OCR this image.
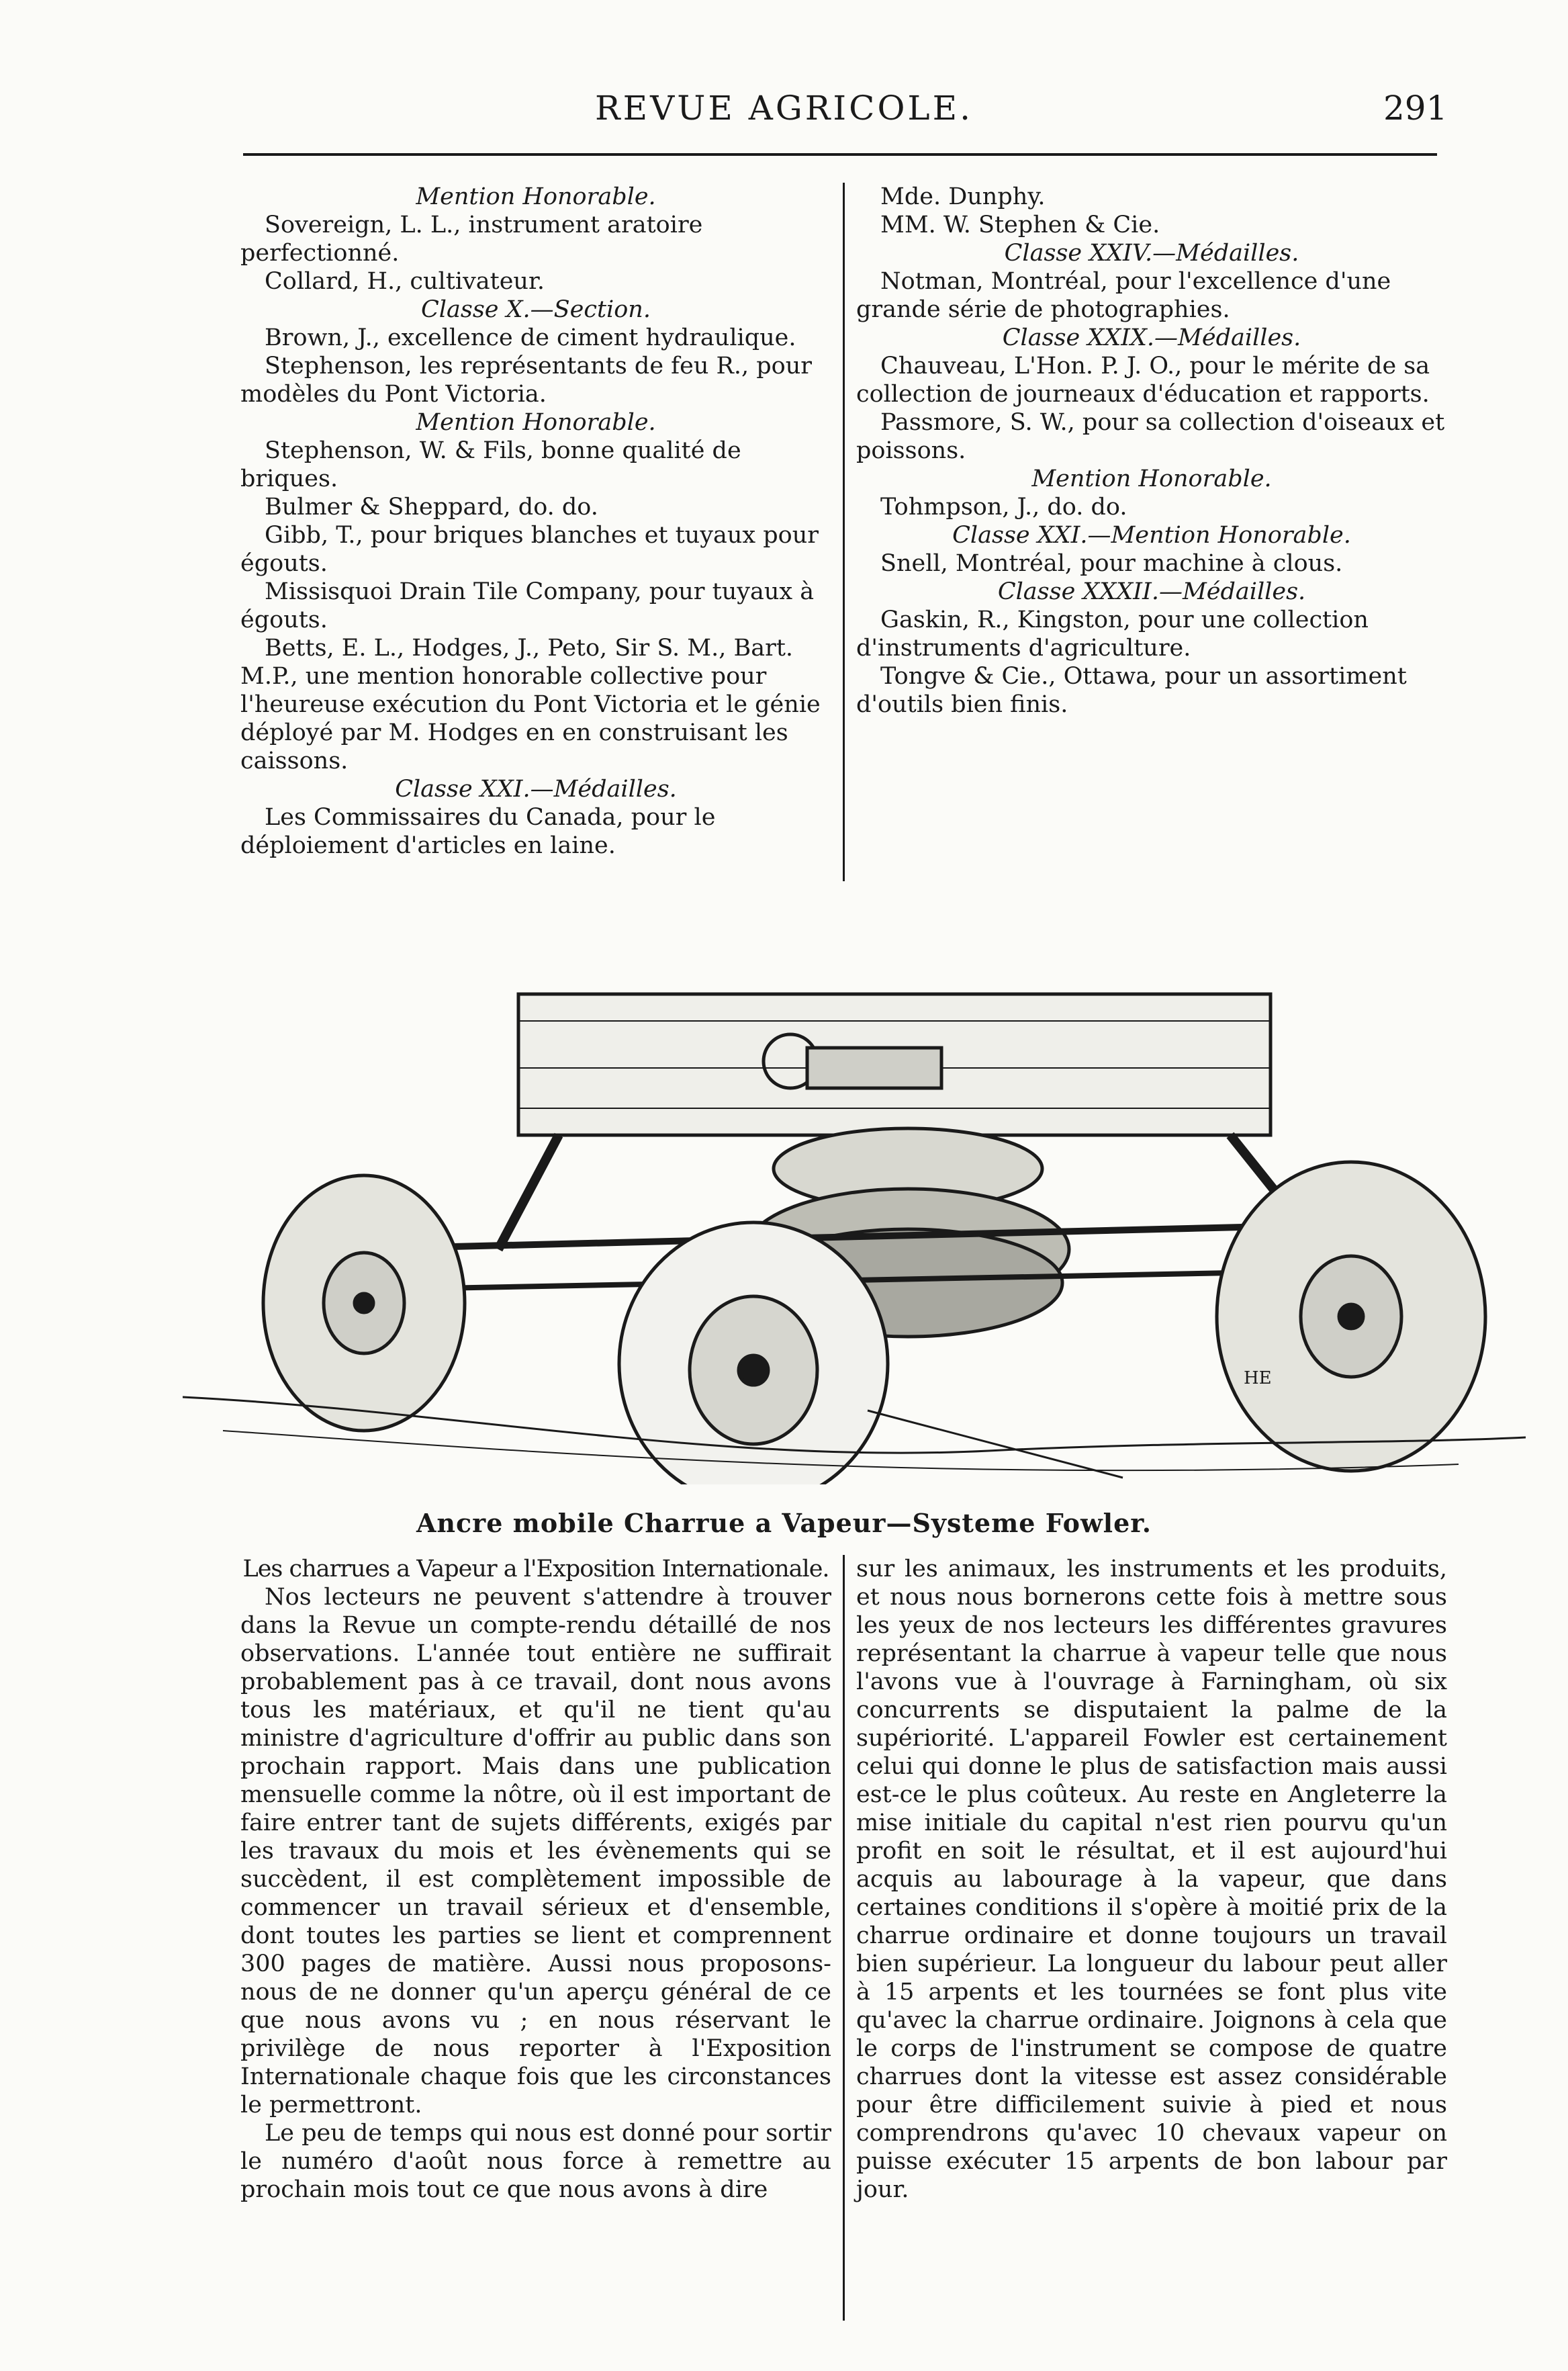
REVUE AGRICOLE.	291

Mention Honorable.

Sovereign, L. L., instrument aratoire perfectionné.

Collard, H., cultivateur.

Classe X.—Section.

Brown, J., excellence de ciment hydraulique.

Stephenson, les représentants de feu R., pour modèles du Pont Victoria.

Mention Honorable.

Stephenson, W. & Fils, bonne qualité de briques.

Bulmer & Sheppard, do. do.

Gibb, T., pour briques blanches et tuyaux pour égouts.

Missisquoi Drain Tile Company, pour tuyaux à égouts.

Betts, E. L., Hodges, J., Peto, Sir S. M., Bart. M.P., une mention honorable collective pour l'heureuse exécution du Pont Victoria et le génie déployé par M. Hodges en en construisant les caissons.

Classe XXI.—Médailles.

Les Commissaires du Canada, pour le déploiement d'articles en laine.

Mde. Dunphy.

MM. W. Stephen & Cie.

Classe XXIV.—Médailles.

Notman, Montréal, pour l'excellence d'une grande série de photographies.

Classe XXIX.—Médailles.

Chauveau, L'Hon. P. J. O., pour le mérite de sa collection de journeaux d'éducation et rapports.

Passmore, S. W., pour sa collection d'oiseaux et poissons.

Mention Honorable.

Tohmpson, J., do. do.

Classe XXI.—Mention Honorable.

Snell, Montréal, pour machine à clous.

Classe XXXII.—Médailles.

Gaskin, R., Kingston, pour une collection d'instruments d'agriculture.

Tongve & Cie., Ottawa, pour un assortiment d'outils bien finis.

HE
Ancre mobile Charrue a Vapeur—Systeme Fowler.

Les charrues a Vapeur a l'Exposition Internationale.

Nos lecteurs ne peuvent s'attendre à trouver dans la Revue un compte-rendu détaillé de nos observations. L'année tout entière ne suffirait probablement pas à ce travail, dont nous avons tous les matériaux, et qu'il ne tient qu'au ministre d'agriculture d'offrir au public dans son prochain rapport. Mais dans une publication mensuelle comme la nôtre, où il est important de faire entrer tant de sujets différents, exigés par les travaux du mois et les évènements qui se succèdent, il est complètement impossible de commencer un travail sérieux et d'ensemble, dont toutes les parties se lient et comprennent 300 pages de matière. Aussi nous proposons-nous de ne donner qu'un aperçu général de ce que nous avons vu ; en nous réservant le privilège de nous reporter à l'Exposition Internationale chaque fois que les circonstances le permettront.

Le peu de temps qui nous est donné pour sortir le numéro d'août nous force à remettre au prochain mois tout ce que nous avons à dire

sur les animaux, les instruments et les produits, et nous nous bornerons cette fois à mettre sous les yeux de nos lecteurs les différentes gravures représentant la charrue à vapeur telle que nous l'avons vue à l'ouvrage à Farningham, où six concurrents se disputaient la palme de la supériorité. L'appareil Fowler est certainement celui qui donne le plus de satisfaction mais aussi est-ce le plus coûteux. Au reste en Angleterre la mise initiale du capital n'est rien pourvu qu'un profit en soit le résultat, et il est aujourd'hui acquis au labourage à la vapeur, que dans certaines conditions il s'opère à moitié prix de la charrue ordinaire et donne toujours un travail bien supérieur. La longueur du labour peut aller à 15 arpents et les tournées se font plus vite qu'avec la charrue ordinaire. Joignons à cela que le corps de l'instrument se compose de quatre charrues dont la vitesse est assez considérable pour être difficilement suivie à pied et nous comprendrons qu'avec 10 chevaux vapeur on puisse exécuter 15 arpents de bon labour par jour.
